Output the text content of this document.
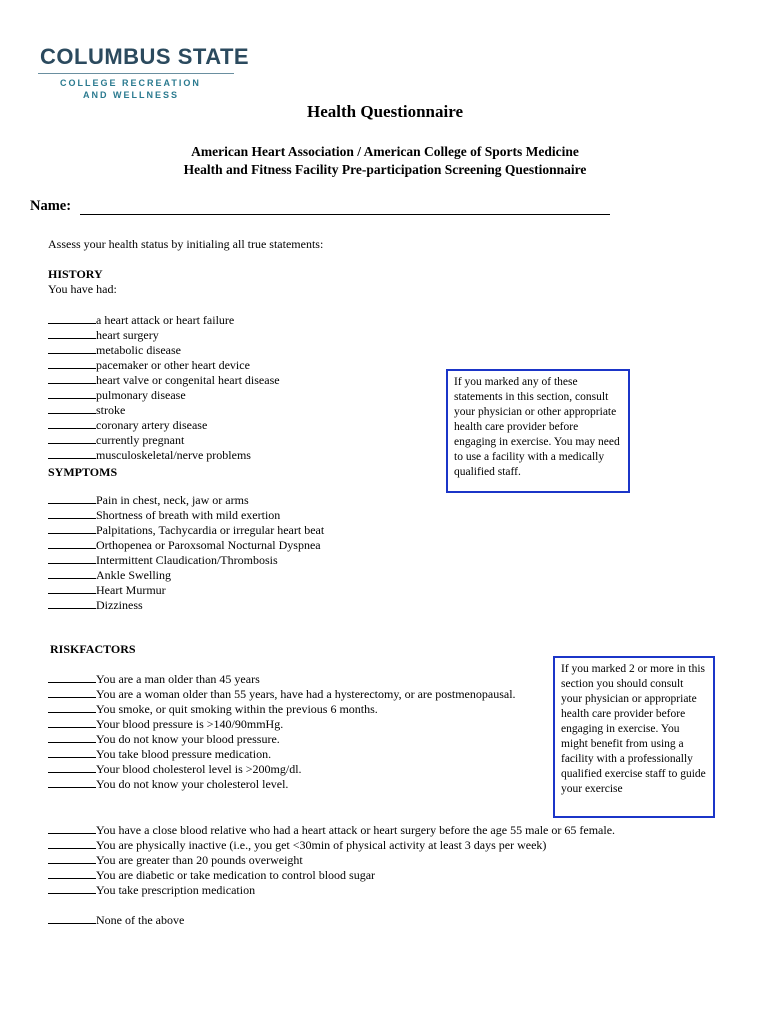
COLUMBUS STATE
COLLEGE RECREATION
AND WELLNESS
Health Questionnaire
American Heart Association / American College of Sports Medicine
Health and Fitness Facility Pre-participation Screening Questionnaire
Name:
Assess your health status by initialing all true statements:
HISTORY
You have had:
a heart attack or heart failure
heart surgery
metabolic disease
pacemaker or other heart device
heart valve or congenital heart disease
pulmonary disease
stroke
coronary artery disease
currently pregnant
musculoskeletal/nerve problems
If you marked any of these statements in this section, consult your physician or other appropriate health care provider before engaging in exercise. You may need to use a facility with a medically qualified staff.
SYMPTOMS
Pain in chest, neck, jaw or arms
Shortness of breath with mild exertion
Palpitations, Tachycardia or irregular heart beat
Orthopenea or Paroxsomal Nocturnal Dyspnea
Intermittent Claudication/Thrombosis
Ankle Swelling
Heart Murmur
Dizziness
RISKFACTORS
You are a man older than 45 years
You are a woman older than 55 years, have had a hysterectomy, or are postmenopausal.
You smoke, or quit smoking within the previous 6 months.
Your blood pressure is >140/90mmHg.
You do not know your blood pressure.
You take blood pressure medication.
Your blood cholesterol level is >200mg/dl.
You do not know your cholesterol level.
If you marked 2 or more in this section you should consult your physician or appropriate health care provider before engaging in exercise. You might benefit from using a facility with a professionally qualified exercise staff to guide your exercise
You have a close blood relative who had a heart attack or heart surgery before the age 55 male or 65 female.
You are physically inactive (i.e., you get <30min of physical activity at least 3 days per week)
You are greater than 20 pounds overweight
You are diabetic or take medication to control blood sugar
You take prescription medication
None of the above
